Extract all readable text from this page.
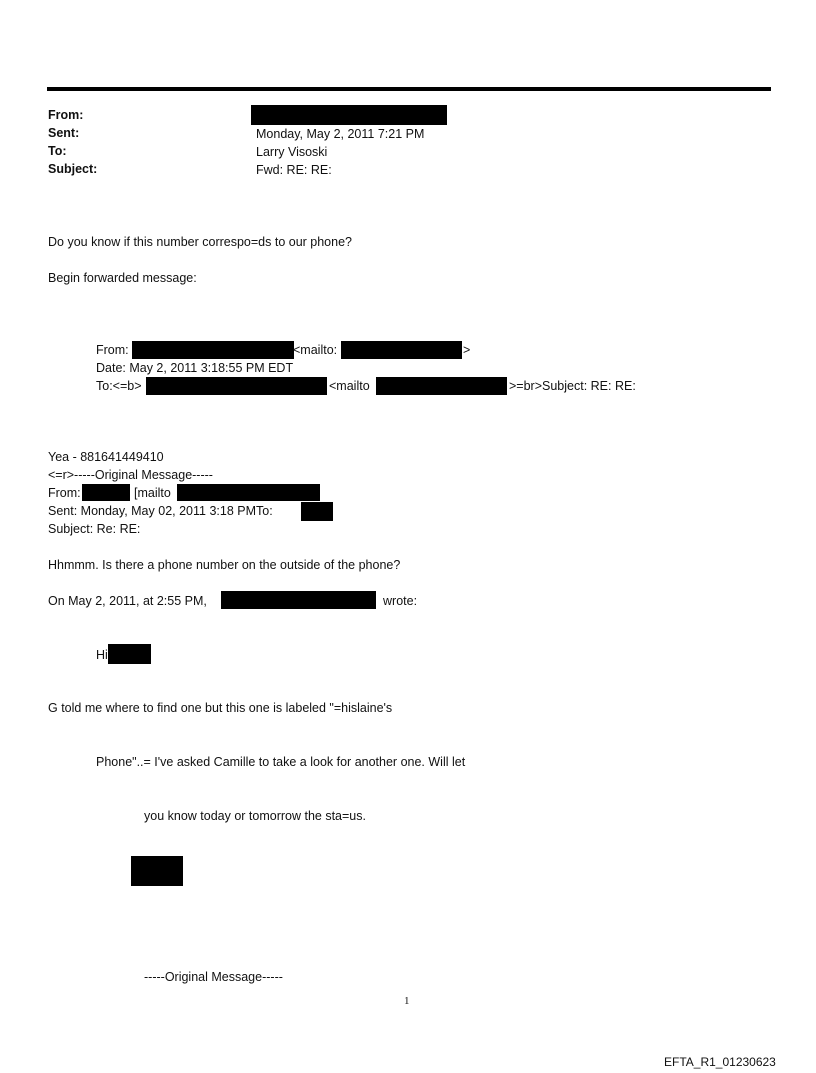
From:
Sent:	Monday, May 2, 2011 7:21 PM
To:	Larry Visoski
Subject:	Fwd: RE: RE:
Do you know if this number correspo=ds to our phone?
Begin forwarded message:
From:	<mailto:	>
Date: May 2, 2011 3:18:55 PM EDT
To:<=b>	<mailto	>=br>Subject: RE: RE:
Yea - 881641449410
<=r>-----Original Message-----
From:	[mailto
Sent: Monday, May 02, 2011 3:18 PMTo:
Subject: Re: RE:
Hhmmm. Is there a phone number on the outside of the phone?
On May 2, 2011, at 2:55 PM,	wrote:
Hi
G told me where to find one but this one is labeled "=hislaine's
Phone"..= I've asked Camille to take a look for another one. Will let
you know today or tomorrow the sta=us.
-----Original Message-----
1
EFTA_R1_01230623
